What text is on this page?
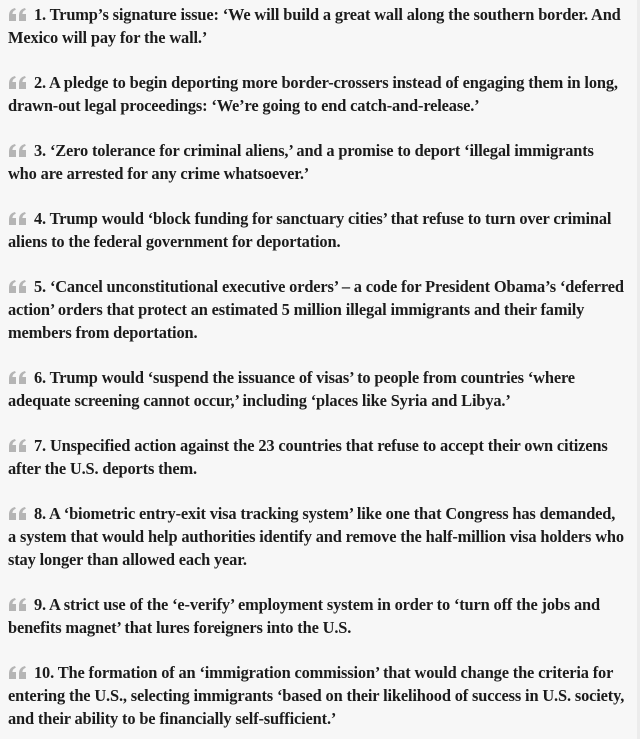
1. Trump’s signature issue: ‘We will build a great wall along the southern border. And Mexico will pay for the wall.’
2. A pledge to begin deporting more border-crossers instead of engaging them in long, drawn-out legal proceedings: ‘We’re going to end catch-and-release.’
3. ‘Zero tolerance for criminal aliens,’ and a promise to deport ‘illegal immigrants who are arrested for any crime whatsoever.’
4. Trump would ‘block funding for sanctuary cities’ that refuse to turn over criminal aliens to the federal government for deportation.
5. ‘Cancel unconstitutional executive orders’ – a code for President Obama’s ‘deferred action’ orders that protect an estimated 5 million illegal immigrants and their family members from deportation.
6. Trump would ‘suspend the issuance of visas’ to people from countries ‘where adequate screening cannot occur,’ including ‘places like Syria and Libya.’
7. Unspecified action against the 23 countries that refuse to accept their own citizens after the U.S. deports them.
8. A ‘biometric entry-exit visa tracking system’ like one that Congress has demanded, a system that would help authorities identify and remove the half-million visa holders who stay longer than allowed each year.
9. A strict use of the ‘e-verify’ employment system in order to ‘turn off the jobs and benefits magnet’ that lures foreigners into the U.S.
10. The formation of an ‘immigration commission’ that would change the criteria for entering the U.S., selecting immigrants ‘based on their likelihood of success in U.S. society, and their ability to be financially self-sufficient.’
